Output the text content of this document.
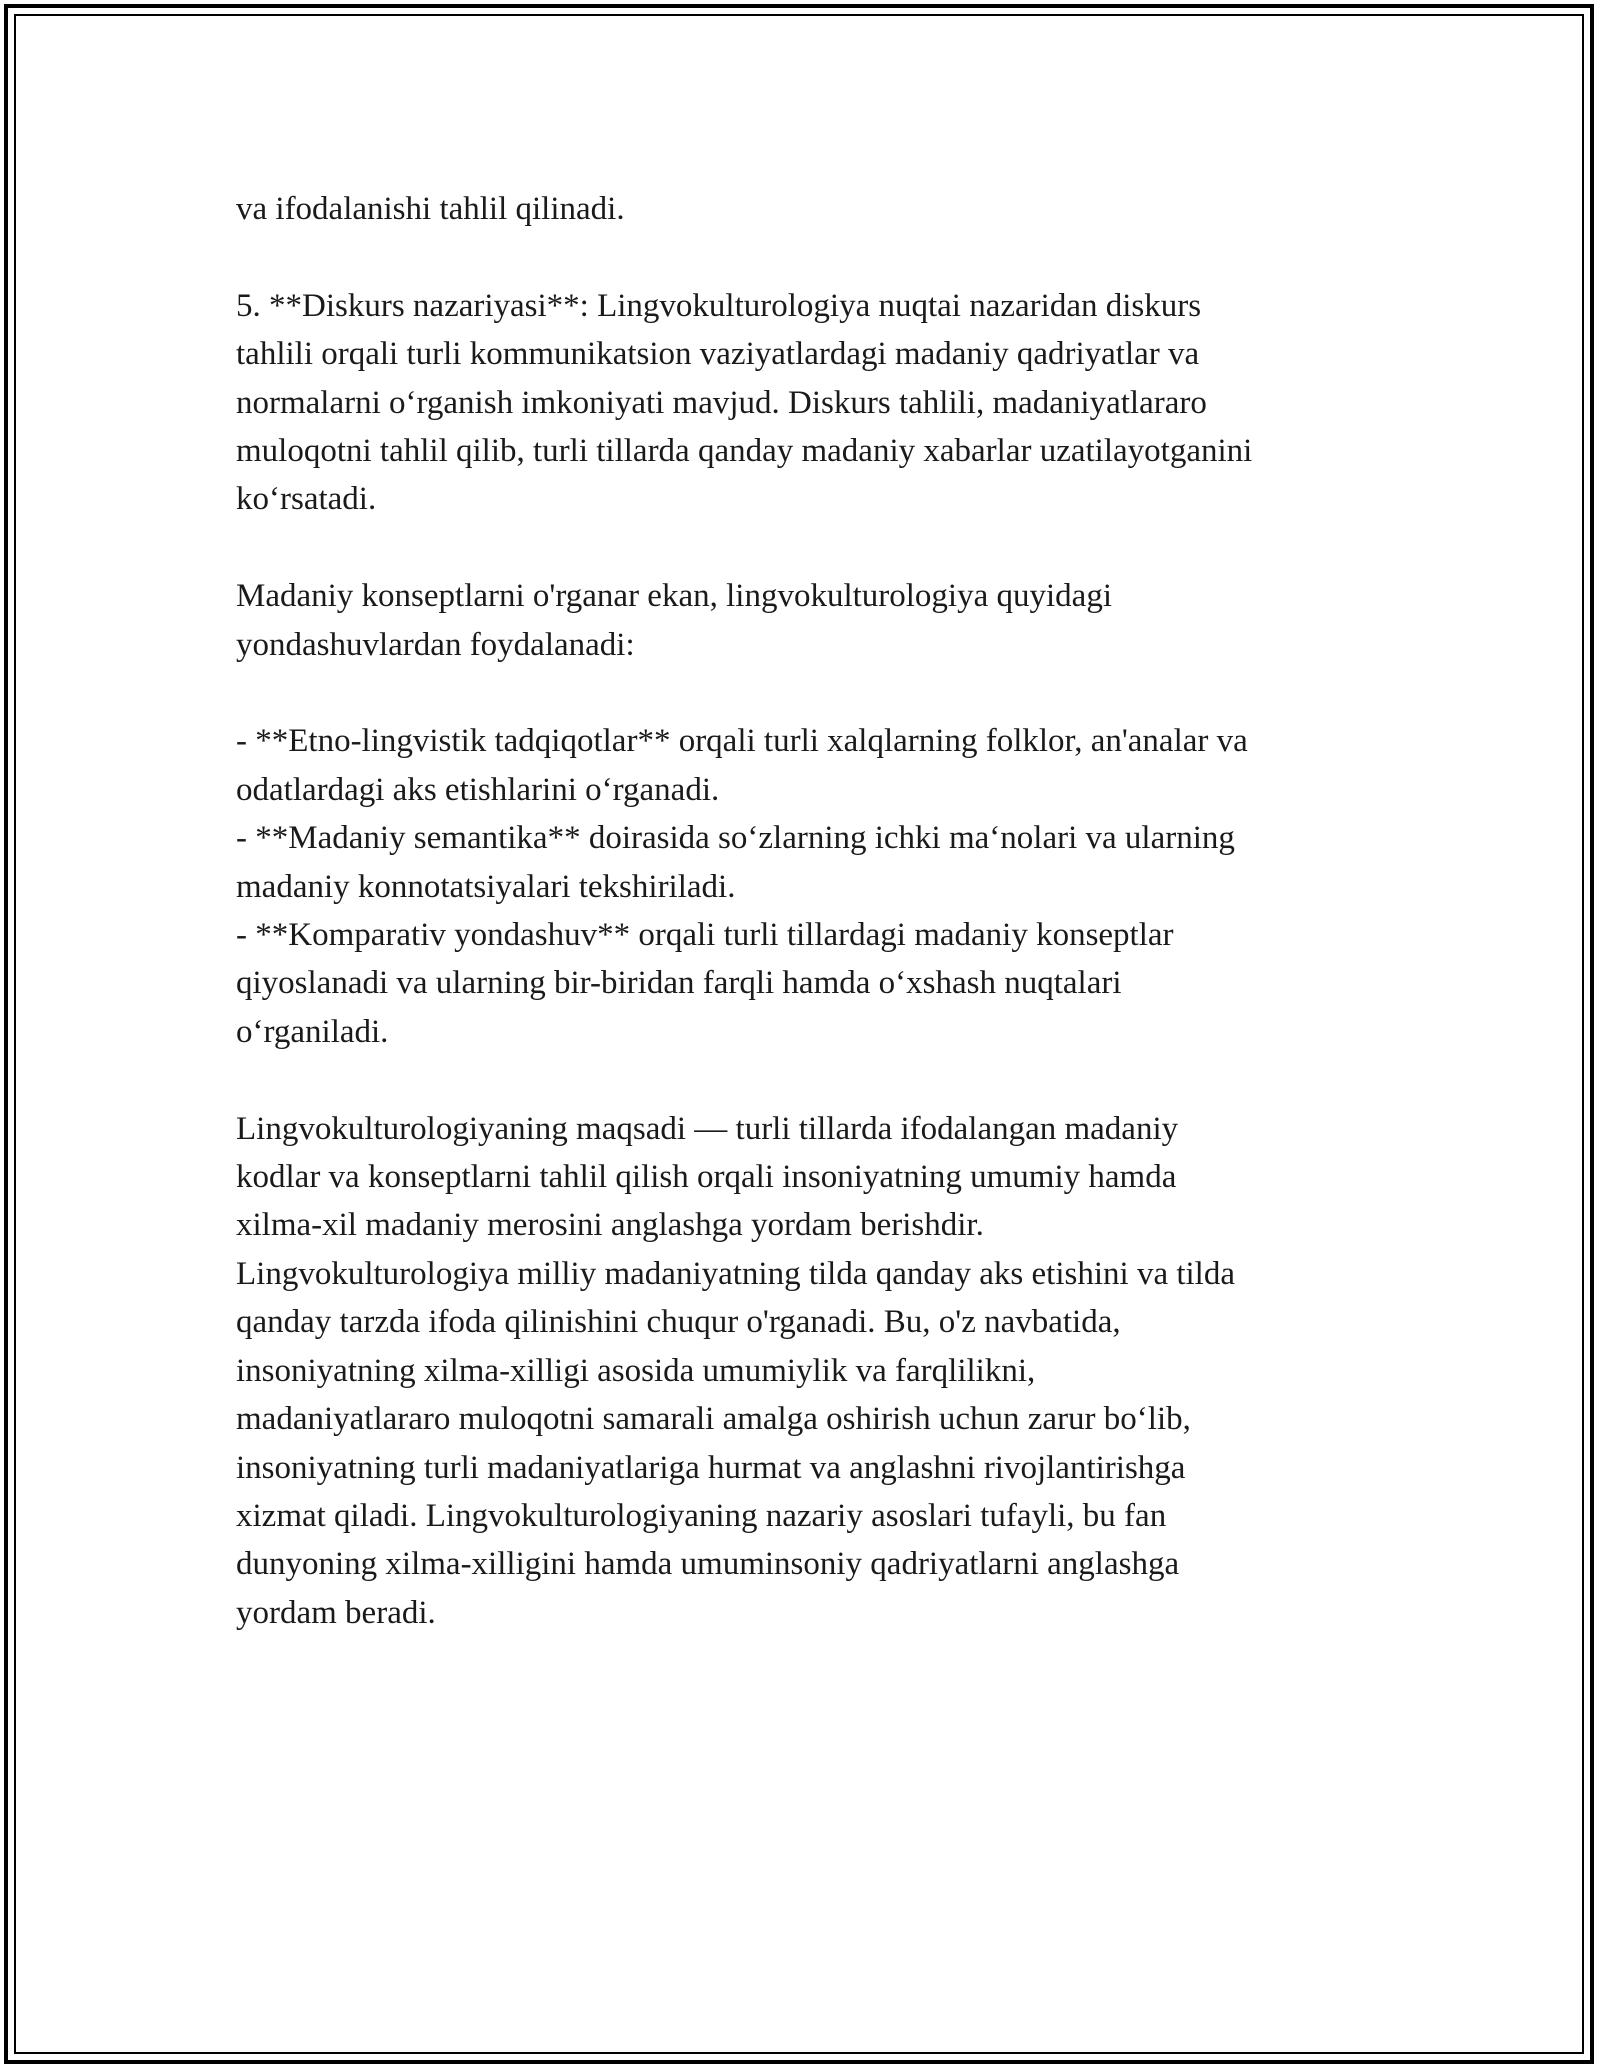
va ifodalanishi tahlil qilinadi.

5. **Diskurs nazariyasi**: Lingvokulturologiya nuqtai nazaridan diskurs
tahlili orqali turli kommunikatsion vaziyatlardagi madaniy qadriyatlar va
normalarni o‘rganish imkoniyati mavjud. Diskurs tahlili, madaniyatlararo
muloqotni tahlil qilib, turli tillarda qanday madaniy xabarlar uzatilayotganini
ko‘rsatadi.

Madaniy konseptlarni o'rganar ekan, lingvokulturologiya quyidagi
yondashuvlardan foydalanadi:

- **Etno-lingvistik tadqiqotlar** orqali turli xalqlarning folklor, an'analar va
odatlardagi aks etishlarini o‘rganadi.
- **Madaniy semantika** doirasida so‘zlarning ichki ma‘nolari va ularning
madaniy konnotatsiyalari tekshiriladi.
- **Komparativ yondashuv** orqali turli tillardagi madaniy konseptlar
qiyoslanadi va ularning bir-biridan farqli hamda o‘xshash nuqtalari
o‘rganiladi.

Lingvokulturologiyaning maqsadi — turli tillarda ifodalangan madaniy
kodlar va konseptlarni tahlil qilish orqali insoniyatning umumiy hamda
xilma-xil madaniy merosini anglashga yordam berishdir.
Lingvokulturologiya milliy madaniyatning tilda qanday aks etishini va tilda
qanday tarzda ifoda qilinishini chuqur o'rganadi. Bu, o'z navbatida,
insoniyatning xilma-xilligi asosida umumiylik va farqlilikni,
madaniyatlararo muloqotni samarali amalga oshirish uchun zarur bo‘lib,
insoniyatning turli madaniyatlariga hurmat va anglashni rivojlantirishga
xizmat qiladi. Lingvokulturologiyaning nazariy asoslari tufayli, bu fan
dunyoning xilma-xilligini hamda umuminsoniy qadriyatlarni anglashga
yordam beradi.
